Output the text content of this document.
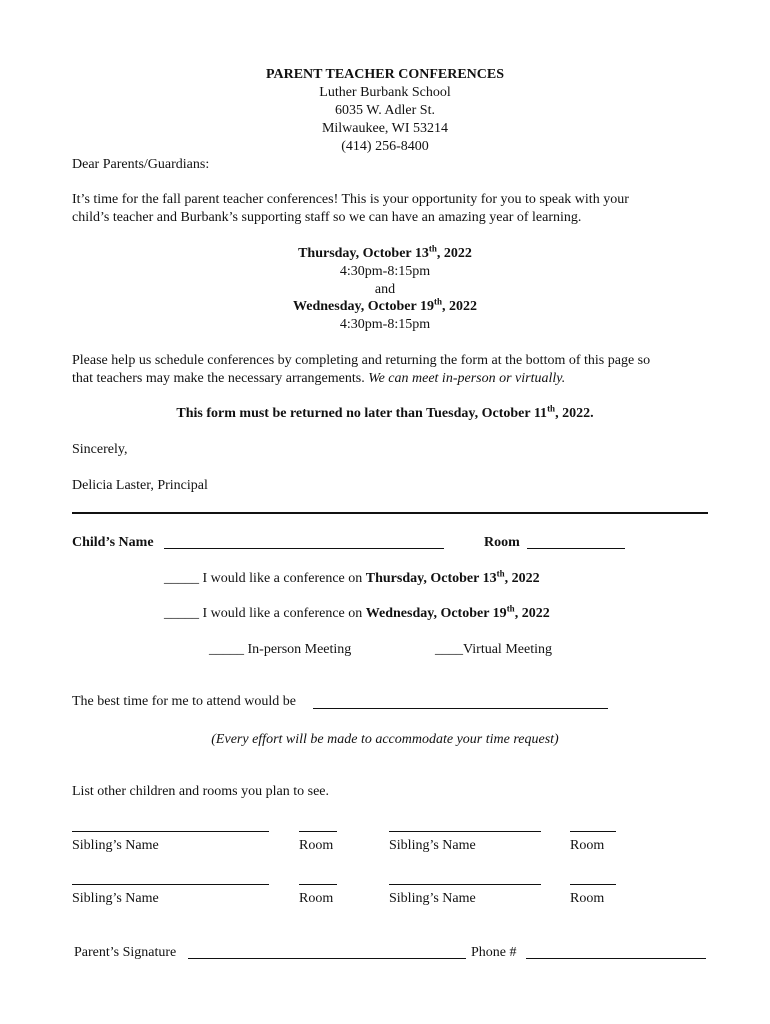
PARENT TEACHER CONFERENCES
Luther Burbank School
6035 W. Adler St.
Milwaukee, WI 53214
(414) 256-8400
Dear Parents/Guardians:
It’s time for the fall parent teacher conferences! This is your opportunity for you to speak with your
child’s teacher and Burbank’s supporting staff so we can have an amazing year of learning.
Thursday, October 13th, 2022
4:30pm-8:15pm
and
Wednesday, October 19th, 2022
4:30pm-8:15pm
Please help us schedule conferences by completing and returning the form at the bottom of this page so
that teachers may make the necessary arrangements. We can meet in-person or virtually.
This form must be returned no later than Tuesday, October 11th, 2022.
Sincerely,
Delicia Laster, Principal
Child’s Name	Room
_____ I would like a conference on Thursday, October 13th, 2022
_____ I would like a conference on Wednesday, October 19th, 2022
_____ In-person Meeting	____Virtual Meeting
The best time for me to attend would be
(Every effort will be made to accommodate your time request)
List other children and rooms you plan to see.
Sibling’s Name	Room	Sibling’s Name	Room
Sibling’s Name	Room	Sibling’s Name	Room
Parent’s Signature	Phone #
